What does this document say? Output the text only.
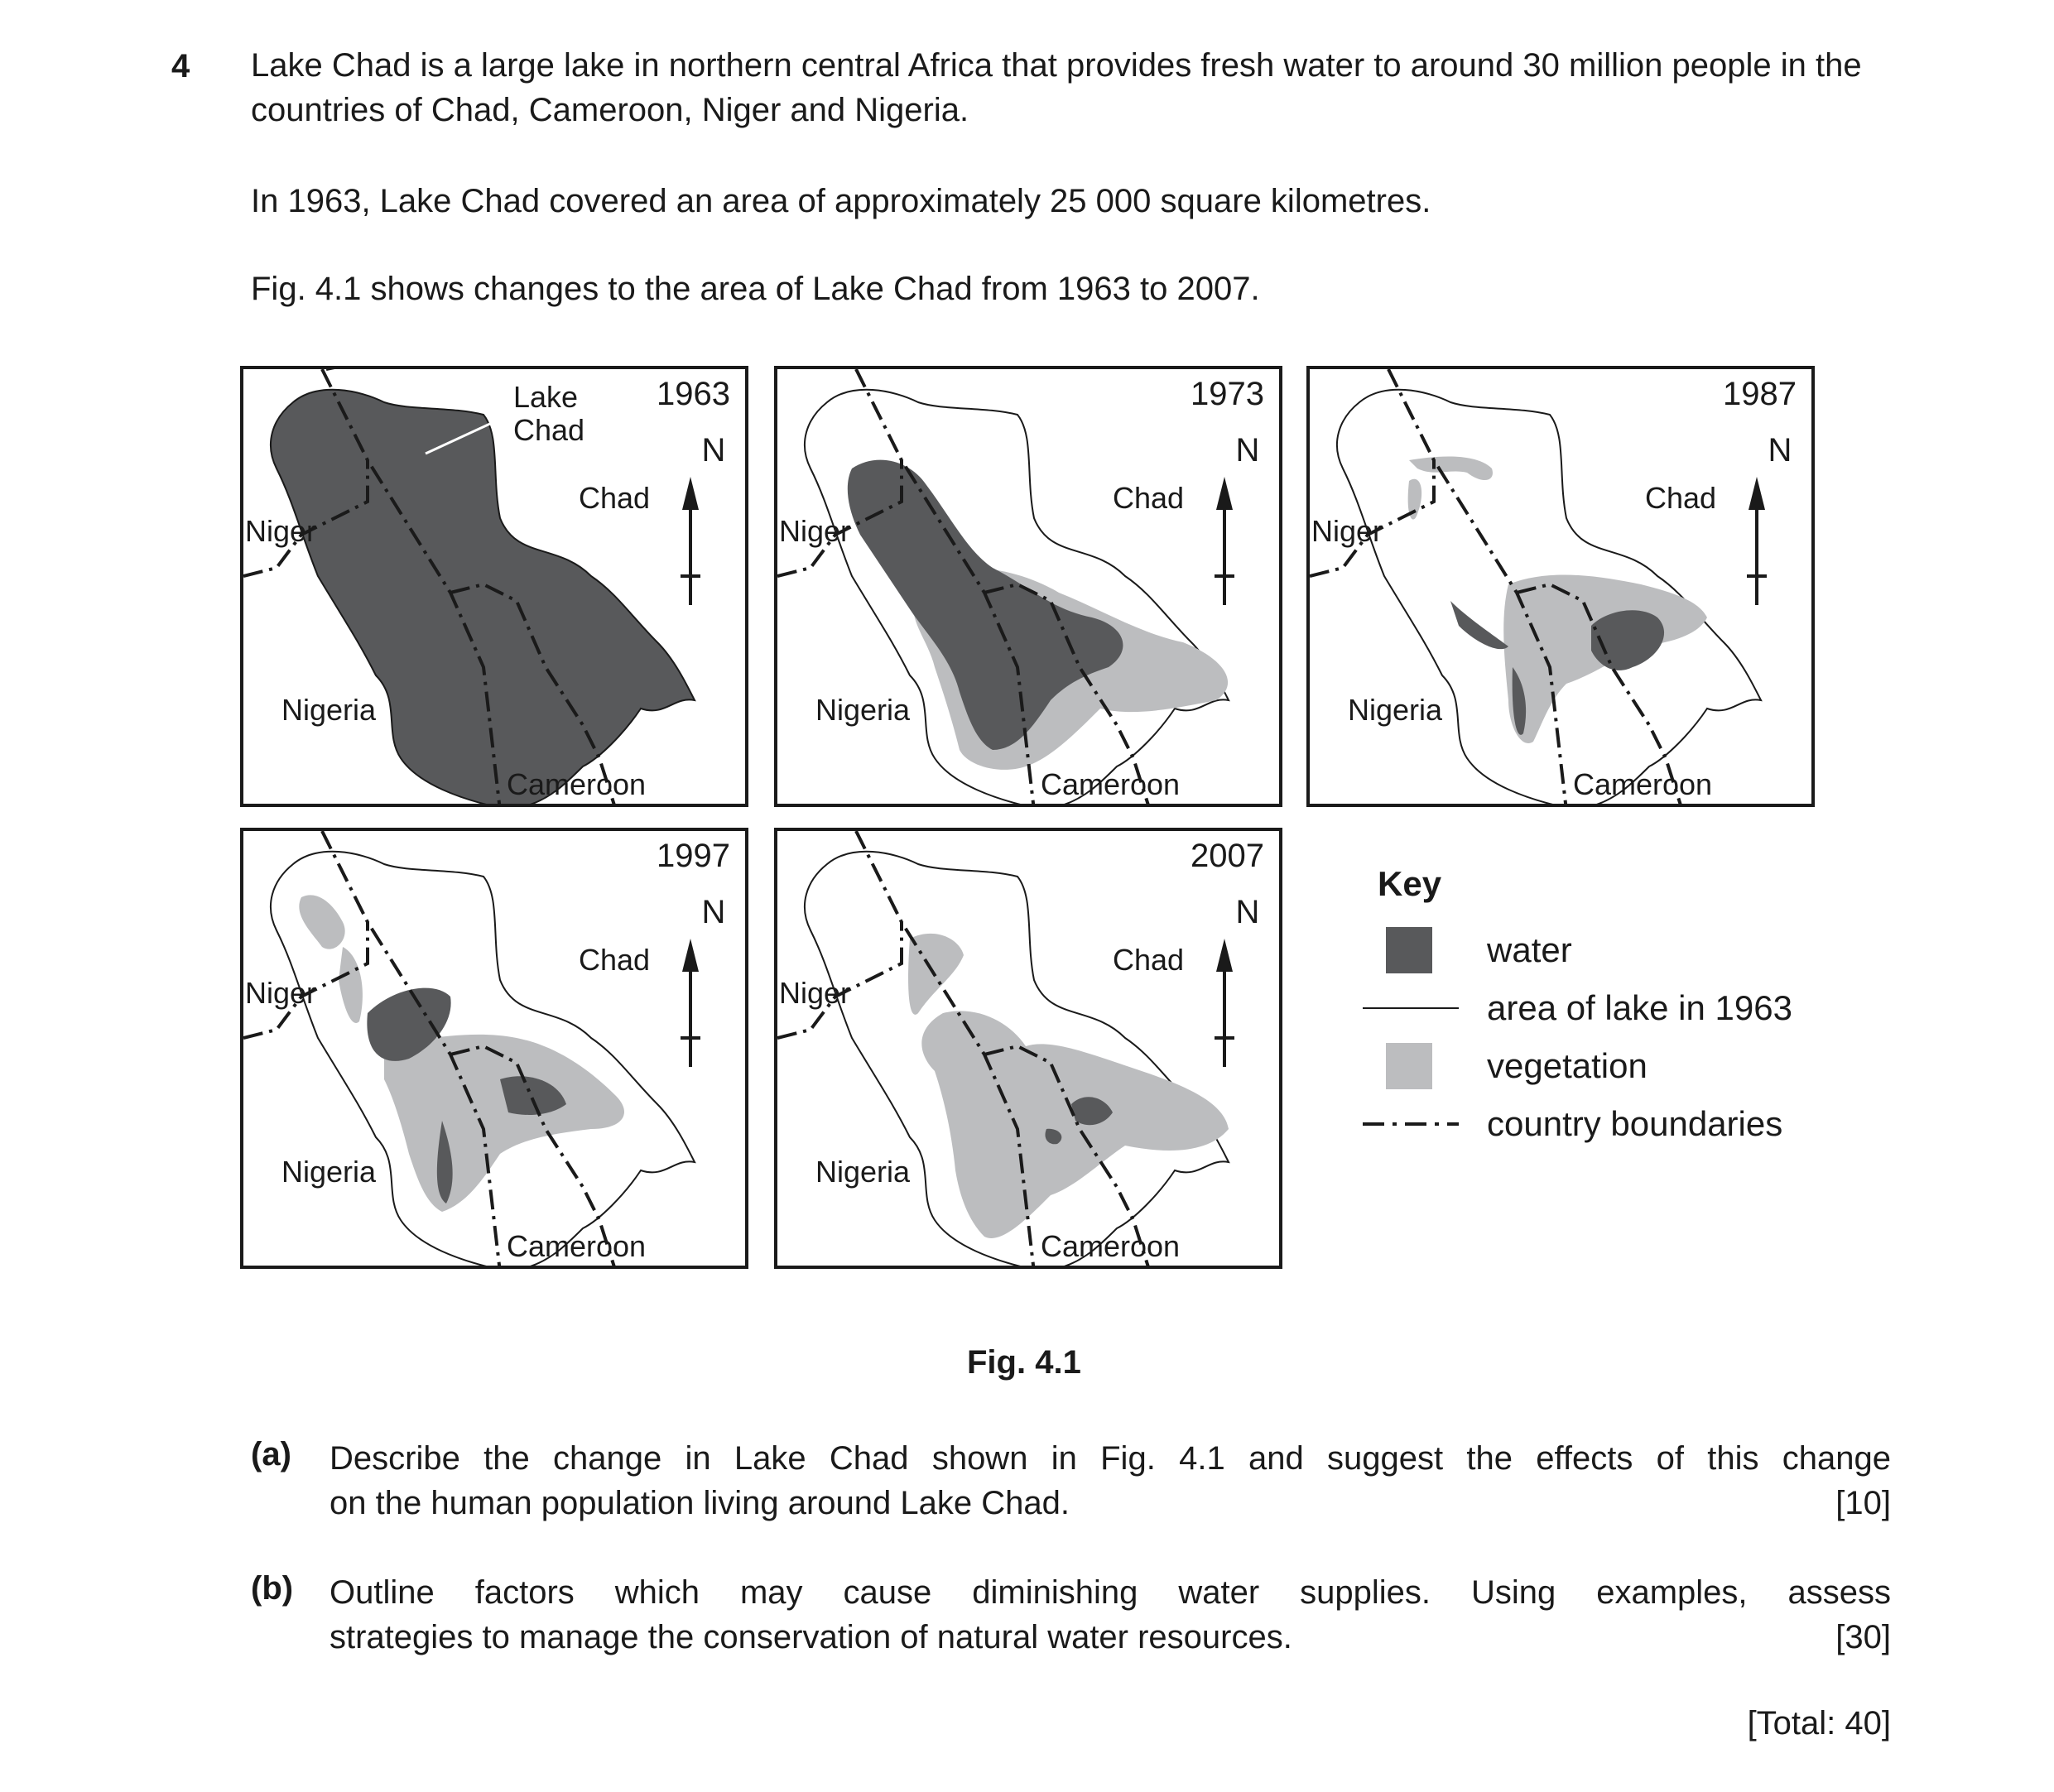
4 Lake Chad is a large lake in northern central Africa that provides fresh water to around 30 million people in the countries of Chad, Cameroon, Niger and Nigeria.
In 1963, Lake Chad covered an area of approximately 25 000 square kilometres.
Fig. 4.1 shows changes to the area of Lake Chad from 1963 to 2007.
1963
Lake
Chad
N
Chad
Niger
Nigeria
Cameroon
1973
N
Chad
Niger
Nigeria
Cameroon
1987
N
Chad
Niger
Nigeria
Cameroon
1997
N
Chad
Niger
Nigeria
Cameroon
2007
N
Chad
Niger
Nigeria
Cameroon
Key
water
area of lake in 1963
vegetation
country boundaries
Fig. 4.1
(a) Describe the change in Lake Chad shown in Fig. 4.1 and suggest the effects of this change
on the human population living around Lake Chad.	[10]
(b) Outline factors which may cause diminishing water supplies. Using examples, assess
strategies to manage the conservation of natural water resources.	[30]
[Total: 40]
